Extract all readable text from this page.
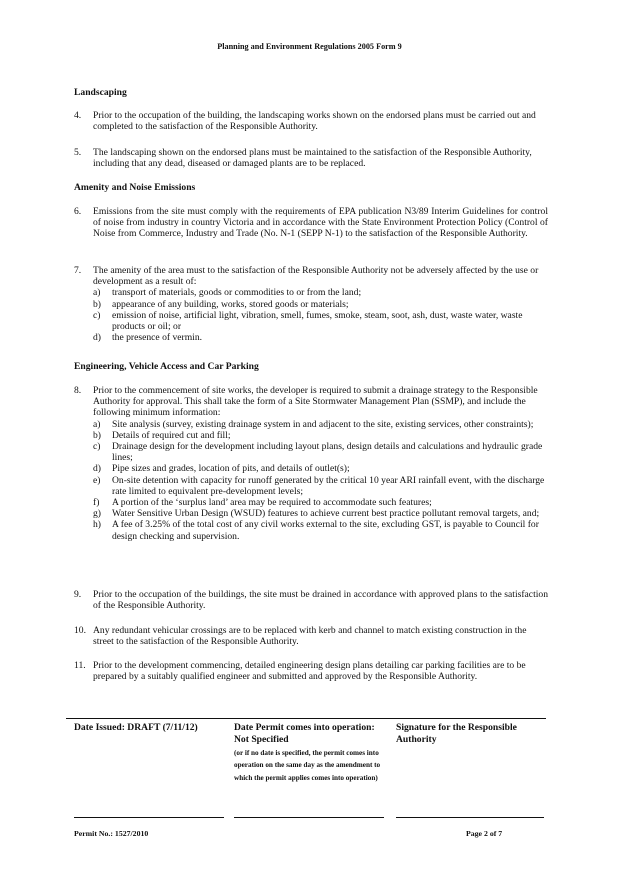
Planning and Environment Regulations 2005 Form 9
Landscaping
4.	Prior to the occupation of the building, the landscaping works shown on the endorsed plans must be carried out and completed to the satisfaction of the Responsible Authority.
5.	The landscaping shown on the endorsed plans must be maintained to the satisfaction of the Responsible Authority, including that any dead, diseased or damaged plants are to be replaced.
Amenity and Noise Emissions
6.	Emissions from the site must comply with the requirements of EPA publication N3/89 Interim Guidelines for control of noise from industry in country Victoria and in accordance with the State Environment Protection Policy (Control of Noise from Commerce, Industry and Trade (No. N-1 (SEPP N-1) to the satisfaction of the Responsible Authority.
7.	The amenity of the area must to the satisfaction of the Responsible Authority not be adversely affected by the use or development as a result of:
a) transport of materials, goods or commodities to or from the land;
b) appearance of any building, works, stored goods or materials;
c) emission of noise, artificial light, vibration, smell, fumes, smoke, steam, soot, ash, dust, waste water, waste products or oil; or
d) the presence of vermin.
Engineering, Vehicle Access and Car Parking
8.	Prior to the commencement of site works, the developer is required to submit a drainage strategy to the Responsible Authority for approval. This shall take the form of a Site Stormwater Management Plan (SSMP), and include the following minimum information:
a) Site analysis (survey, existing drainage system in and adjacent to the site, existing services, other constraints);
b) Details of required cut and fill;
c) Drainage design for the development including layout plans, design details and calculations and hydraulic grade lines;
d) Pipe sizes and grades, location of pits, and details of outlet(s);
e) On-site detention with capacity for runoff generated by the critical 10 year ARI rainfall event, with the discharge rate limited to equivalent pre-development levels;
f) A portion of the ‘surplus land’ area may be required to accommodate such features;
g) Water Sensitive Urban Design (WSUD) features to achieve current best practice pollutant removal targets, and;
h) A fee of 3.25% of the total cost of any civil works external to the site, excluding GST, is payable to Council for design checking and supervision.
9.	Prior to the occupation of the buildings, the site must be drained in accordance with approved plans to the satisfaction of the Responsible Authority.
10. Any redundant vehicular crossings are to be replaced with kerb and channel to match existing construction in the street to the satisfaction of the Responsible Authority.
11. Prior to the development commencing, detailed engineering design plans detailing car parking facilities are to be prepared by a suitably qualified engineer and submitted and approved by the Responsible Authority.
Date Issued: DRAFT (7/11/12)	Date Permit comes into operation: Not Specified
(or if no date is specified, the permit comes into operation on the same day as the amendment to which the permit applies comes into operation)
Signature for the Responsible Authority
Permit No.: 1527/2010	Page 2 of 7
